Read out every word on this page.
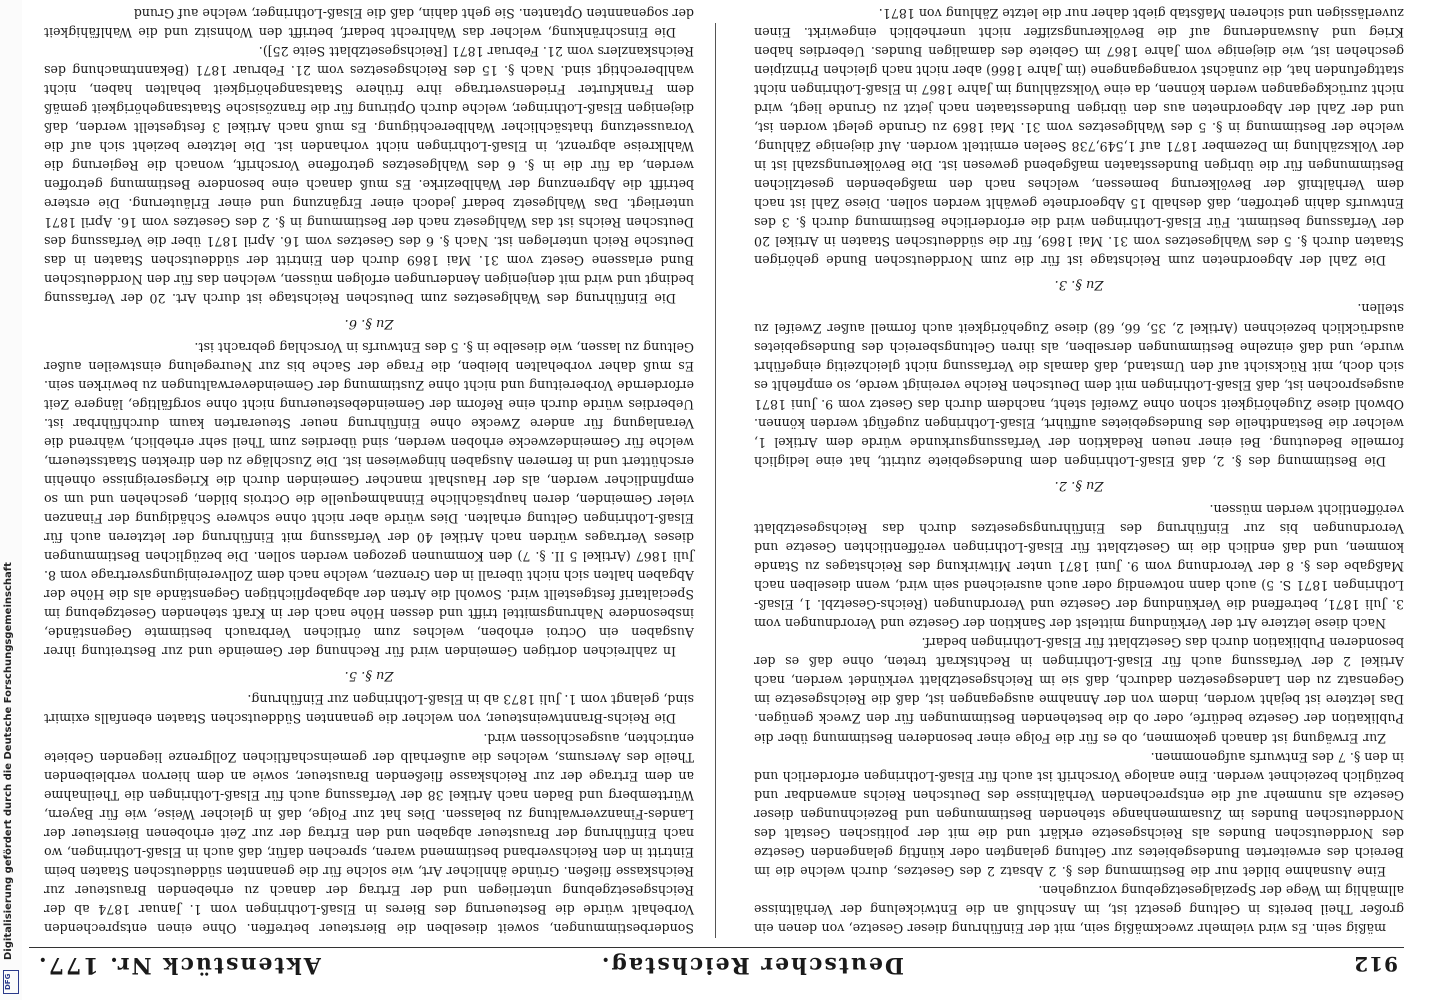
912
Deutscher Reichstag.
Aktenstück Nr. 177.

mäßig sein. Es wird vielmehr zweckmäßig sein, mit der Einführung dieser Gesetze, von denen ein großer Theil bereits in Geltung gesetzt ist, im Anschluß an die Entwickelung der Verhältnisse allmählig im Wege der Spezialgesetzgebung vorzugehen.

Eine Ausnahme bildet nur die Bestimmung des §. 2 Absatz 2 des Gesetzes, durch welche die im Bereich des erweiterten Bundesgebietes zur Geltung gelangten oder künftig gelangenden Gesetze des Norddeutschen Bundes als Reichsgesetze erklärt und die mit der politischen Gestalt des Norddeutschen Bundes im Zusammenhange stehenden Bestimmungen und Bezeichnungen dieser Gesetze als nunmehr auf die entsprechenden Verhältnisse des Deutschen Reichs anwendbar und bezüglich bezeichnet werden. Eine analoge Vorschrift ist auch für Elsaß-Lothringen erforderlich und in den §. 7 des Entwurfs aufgenommen.

Zur Erwägung ist danach gekommen, ob es für die Folge einer besonderen Bestimmung über die Publikation der Gesetze bedürfe, oder ob die bestehenden Bestimmungen für den Zweck genügen. Das letztere ist bejaht worden, indem von der Annahme ausgegangen ist, daß die Reichsgesetze im Gegensatz zu den Landesgesetzen dadurch, daß sie im Reichsgesetzblatt verkündet werden, nach Artikel 2 der Verfassung auch für Elsaß-Lothringen in Rechtskraft treten, ohne daß es der besonderen Publikation durch das Gesetzblatt für Elsaß-Lothringen bedarf.

Nach diese letztere Art der Verkündung mittelst der Sanktion der Gesetze und Verordnungen vom 3. Juli 1871, betreffend die Verkündung der Gesetze und Verordnungen (Reichs-Gesetzbl. 1, Elsaß-Lothringen 1871 S. 5) auch dann notwendig oder auch ausreichend sein wird, wenn dieselben nach Maßgabe des §. 8 der Verordnung vom 9. Juni 1871 unter Mitwirkung des Reichstages zu Stande kommen, und daß endlich die im Gesetzblatt für Elsaß-Lothringen veröffentlichten Gesetze und Verordnungen bis zur Einführung des Einführungsgesetzes durch das Reichsgesetzblatt veröffentlicht werden müssen.

Zu §. 2.

Die Bestimmung des §. 2, daß Elsaß-Lothringen dem Bundesgebiete zutritt, hat eine lediglich formelle Bedeutung. Bei einer neuen Redaktion der Verfassungsurkunde würde dem Artikel 1, welcher die Bestandtheile des Bundesgebietes aufführt, Elsaß-Lothringen zugefügt werden können. Obwohl diese Zugehörigkeit schon ohne Zweifel steht, nachdem durch das Gesetz vom 9. Juni 1871 ausgesprochen ist, daß Elsaß-Lothringen mit dem Deutschen Reiche vereinigt werde, so empfiehlt es sich doch, mit Rücksicht auf den Umstand, daß damals die Verfassung nicht gleichzeitig eingeführt wurde, und daß einzelne Bestimmungen derselben, als ihren Geltungsbereich des Bundesgebietes ausdrücklich bezeichnen (Artikel 2, 35, 66, 68) diese Zugehörigkeit auch formell außer Zweifel zu stellen.

Zu §. 3.

Die Zahl der Abgeordneten zum Reichstage ist für die zum Norddeutschen Bunde gehörigen Staaten durch §. 5 des Wahlgesetzes vom 31. Mai 1869, für die süddeutschen Staaten in Artikel 20 der Verfassung bestimmt. Für Elsaß-Lothringen wird die erforderliche Bestimmung durch §. 3 des Entwurfs dahin getroffen, daß deshalb 15 Abgeordnete gewählt werden sollen. Diese Zahl ist nach dem Verhältniß der Bevölkerung bemessen, welches nach den maßgebenden gesetzlichen Bestimmungen für die übrigen Bundesstaaten maßgebend gewesen ist. Die Bevölkerungszahl ist in der Volkszählung im Dezember 1871 auf 1,549,738 Seelen ermittelt worden. Auf diejenige Zählung, welche der Bestimmung in §. 5 des Wahlgesetzes vom 31. Mai 1869 zu Grunde gelegt worden ist, und der Zahl der Abgeordneten aus den übrigen Bundesstaaten nach jetzt zu Grunde liegt, wird nicht zurückgegangen werden können, da eine Volkszählung im Jahre 1867 in Elsaß-Lothringen nicht stattgefunden hat, die zunächst vorangegangene (im Jahre 1866) aber nicht nach gleichen Prinzipien geschehen ist, wie diejenige vom Jahre 1867 im Gebiete des damaligen Bundes. Ueberdies haben Krieg und Auswanderung auf die Bevölkerungsziffer nicht unerheblich eingewirkt. Einen zuverlässigen und sicheren Maßstab giebt daher nur die letzte Zählung von 1871.

Sonderbestimmungen, soweit dieselben die Biersteuer betreffen. Ohne einen entsprechenden Vorbehalt würde die Besteuerung des Bieres in Elsaß-Lothringen vom 1. Januar 1874 ab der Reichsgesetzgebung unterliegen und der Ertrag der danach zu erhebenden Brausteuer zur Reichskasse fließen. Gründe ähnlicher Art, wie solche für die genannten süddeutschen Staaten beim Eintritt in den Reichsverband bestimmend waren, sprechen dafür, daß auch in Elsaß-Lothringen, wo nach Einführung der Brausteuer abgaben und den Ertrag der zur Zeit erhobenen Biersteuer der Landes-Finanzverwaltung zu belassen. Dies hat zur Folge, daß in gleicher Weise, wie für Bayern, Württemberg und Baden nach Artikel 38 der Verfassung auch für Elsaß-Lothringen die Theilnahme an dem Ertrage der zur Reichskasse fließenden Brausteuer, sowie an dem hiervon verbleibenden Theile des Aversums, welches die außerhalb der gemeinschaftlichen Zollgrenze liegenden Gebiete entrichten, ausgeschlossen wird.

Die Reichs-Branntweinsteuer, von welcher die genannten Süddeutschen Staaten ebenfalls eximirt sind, gelangt vom 1. Juli 1873 ab in Elsaß-Lothringen zur Einführung.

Zu §. 5.

In zahlreichen dortigen Gemeinden wird für Rechnung der Gemeinde und zur Bestreitung ihrer Ausgaben ein Octroi erhoben, welches zum örtlichen Verbrauch bestimmte Gegenstände, insbesondere Nahrungsmittel trifft und dessen Höhe nach der in Kraft stehenden Gesetzgebung im Specialtarif festgestellt wird. Sowohl die Arten der abgabepflichtigen Gegenstände als die Höhe der Abgaben halten sich nicht überall in den Grenzen, welche nach dem Zollvereinigungsvertrage vom 8. Juli 1867 (Artikel 5 II. §. 7) den Kommunen gezogen werden sollen. Die bezüglichen Bestimmungen dieses Vertrages würden nach Artikel 40 der Verfassung mit Einführung der letzteren auch für Elsaß-Lothringen Geltung erhalten. Dies würde aber nicht ohne schwere Schädigung der Finanzen vieler Gemeinden, deren hauptsächliche Einnahmequelle die Octrois bilden, geschehen und um so empfindlicher werden, als der Haushalt mancher Gemeinden durch die Kriegsereignisse ohnehin erschüttert und in ferneren Ausgaben hingewiesen ist. Die Zuschläge zu den direkten Staatssteuern, welche für Gemeindezwecke erhoben werden, sind überdies zum Theil sehr erheblich, während die Veranlagung für andere Zwecke ohne Einführung neuer Steuerarten kaum durchführbar ist. Ueberdies würde durch eine Reform der Gemeindebesteuerung nicht ohne sorgfältige, längere Zeit erfordernde Vorbereitung und nicht ohne Zustimmung der Gemeindeverwaltungen zu bewirken sein. Es muß daher vorbehalten bleiben, die Frage der Sache bis zur Neuregelung einstweilen außer Geltung zu lassen, wie dieselbe in §. 5 des Entwurfs in Vorschlag gebracht ist.

Zu §. 6.

Die Einführung des Wahlgesetzes zum Deutschen Reichstage ist durch Art. 20 der Verfassung bedingt und wird mit denjenigen Aenderungen erfolgen müssen, welchen das für den Norddeutschen Bund erlassene Gesetz vom 31. Mai 1869 durch den Eintritt der süddeutschen Staaten in das Deutsche Reich unterlegen ist. Nach §. 6 des Gesetzes vom 16. April 1871 über die Verfassung des Deutschen Reichs ist das Wahlgesetz nach der Bestimmung in §. 2 des Gesetzes vom 16. April 1871 unterliegt. Das Wahlgesetz bedarf jedoch einer Ergänzung und einer Erläuterung. Die erstere betrifft die Abgrenzung der Wahlbezirke. Es muß danach eine besondere Bestimmung getroffen werden, da für die in §. 6 des Wahlgesetzes getroffene Vorschrift, wonach die Regierung die Wahlkreise abgrenzt, in Elsaß-Lothringen nicht vorhanden ist. Die letztere bezieht sich auf die Voraussetzung thatsächlicher Wahlberechtigung. Es muß nach Artikel 3 festgestellt werden, daß diejenigen Elsaß-Lothringer, welche durch Optirung für die französische Staatsangehörigkeit gemäß dem Frankfurter Friedensvertrage ihre frühere Staatsangehörigkeit behalten haben, nicht wahlberechtigt sind. Nach §. 15 des Reichsgesetzes vom 21. Februar 1871 (Bekanntmachung des Reichskanzlers vom 21. Februar 1871 [Reichsgesetzblatt Seite 25]).

Die Einschränkung, welcher das Wahlrecht bedarf, betrifft den Wohnsitz und die Wahlfähigkeit der sogenannten Optanten. Sie geht dahin, daß die Elsaß-Lothringer, welche auf Grund

DFG
Digitalisierung gefördert durch die Deutsche Forschungsgemeinschaft
